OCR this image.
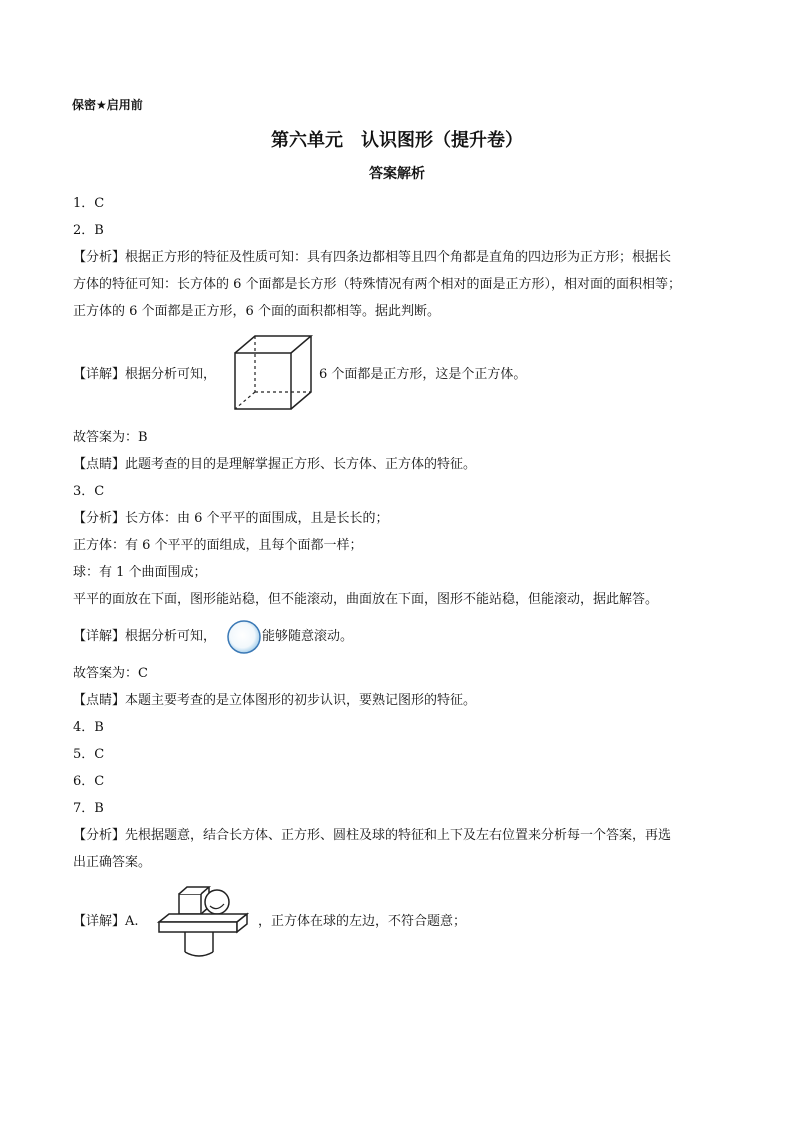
保密★启用前
第六单元　认识图形（提升卷）
答案解析
1．C
2．B
【分析】根据正方形的特征及性质可知：具有四条边都相等且四个角都是直角的四边形为正方形；根据长
方体的特征可知：长方体的 6 个面都是长方形（特殊情况有两个相对的面是正方形），相对面的面积相等；
正方体的 6 个面都是正方形，6 个面的面积都相等。据此判断。
【详解】根据分析可知，	6 个面都是正方形，这是个正方体。
故答案为：B
【点睛】此题考查的目的是理解掌握正方形、长方体、正方体的特征。
3．C
【分析】长方体：由 6 个平平的面围成，且是长长的；
正方体：有 6 个平平的面组成，且每个面都一样；
球：有 1 个曲面围成；
平平的面放在下面，图形能站稳，但不能滚动，曲面放在下面，图形不能站稳，但能滚动，据此解答。
【详解】根据分析可知，	能够随意滚动。
故答案为：C
【点睛】本题主要考查的是立体图形的初步认识，要熟记图形的特征。
4．B
5．C
6．C
7．B
【分析】先根据题意，结合长方体、正方形、圆柱及球的特征和上下及左右位置来分析每一个答案，再选
出正确答案。
【详解】A.	，正方体在球的左边，不符合题意；
